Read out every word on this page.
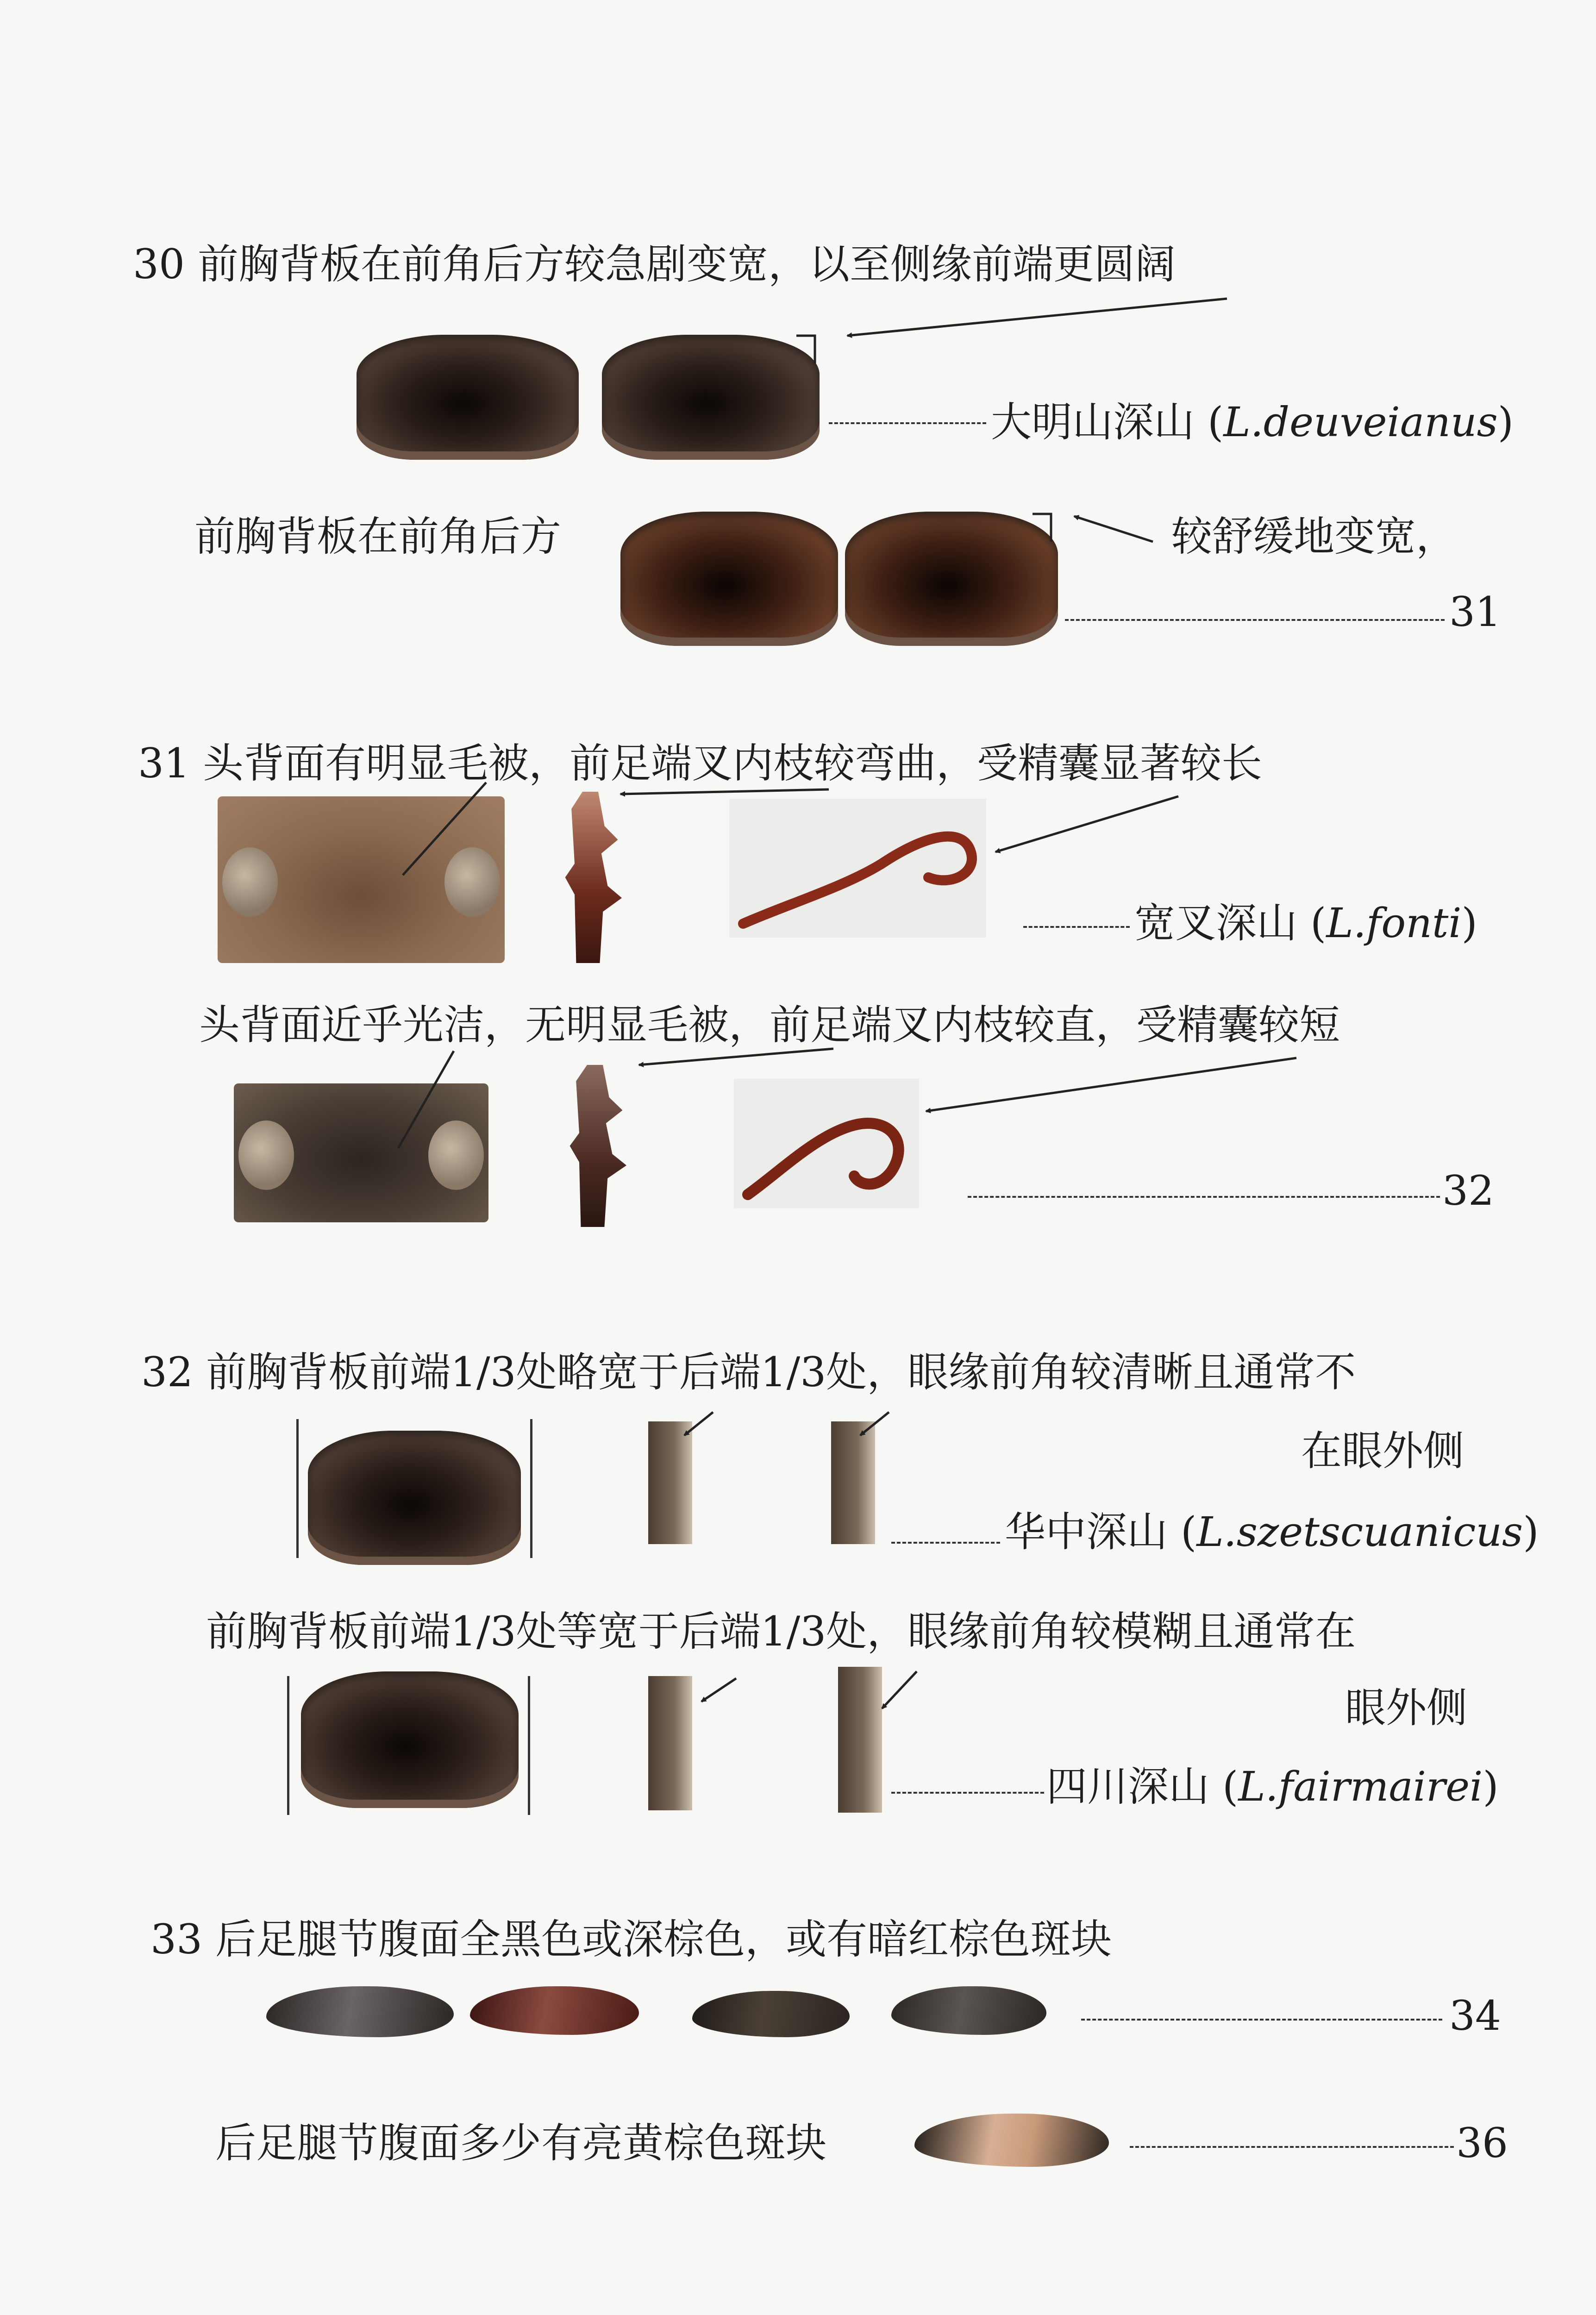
30 前胸背板在前角后方较急剧变宽，以至侧缘前端更圆阔
大明山深山 (L.deuveianus)
前胸背板在前角后方	较舒缓地变宽，
31
31 头背面有明显毛被，前足端叉内枝较弯曲，受精囊显著较长
宽叉深山 (L.fonti)
头背面近乎光洁，无明显毛被，前足端叉内枝较直，受精囊较短
32
32 前胸背板前端1/3处略宽于后端1/3处，眼缘前角较清晰且通常不
在眼外侧
华中深山 (L.szetscuanicus)
前胸背板前端1/3处等宽于后端1/3处，眼缘前角较模糊且通常在
眼外侧
四川深山 (L.fairmairei)
33 后足腿节腹面全黑色或深棕色，或有暗红棕色斑块
34
后足腿节腹面多少有亮黄棕色斑块	36
